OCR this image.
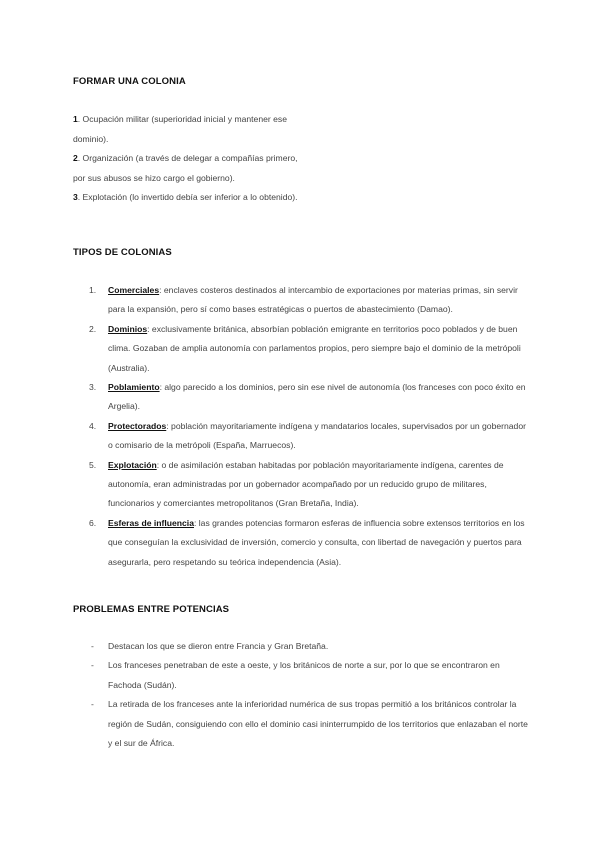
FORMAR UNA COLONIA

1. Ocupación militar (superioridad inicial y mantener ese dominio).

2. Organización (a través de delegar a compañías primero, por sus abusos se hizo cargo el gobierno).

3. Explotación (lo invertido debía ser inferior a lo obtenido).

TIPOS DE COLONIAS
1. Comerciales: enclaves costeros destinados al intercambio de exportaciones por materias primas, sin servir para la expansión, pero sí como bases estratégicas o puertos de abastecimiento (Damao).
2. Dominios: exclusivamente británica, absorbían población emigrante en territorios poco poblados y de buen clima. Gozaban de amplia autonomía con parlamentos propios, pero siempre bajo el dominio de la metrópoli (Australia).
3. Poblamiento: algo parecido a los dominios, pero sin ese nivel de autonomía (los franceses con poco éxito en Argelia).
4. Protectorados: población mayoritariamente indígena y mandatarios locales, supervisados por un gobernador o comisario de la metrópoli (España, Marruecos).
5. Explotación: o de asimilación estaban habitadas por población mayoritariamente indígena, carentes de autonomía, eran administradas por un gobernador acompañado por un reducido grupo de militares, funcionarios y comerciantes metropolitanos (Gran Bretaña, India).
6. Esferas de influencia: las grandes potencias formaron esferas de influencia sobre extensos territorios en los que conseguían la exclusividad de inversión, comercio y consulta, con libertad de navegación y puertos para asegurarla, pero respetando su teórica independencia (Asia).
PROBLEMAS ENTRE POTENCIAS
- Destacan los que se dieron entre Francia y Gran Bretaña.
- Los franceses penetraban de este a oeste, y los británicos de norte a sur, por lo que se encontraron en Fachoda (Sudán).
- La retirada de los franceses ante la inferioridad numérica de sus tropas permitió a los británicos controlar la región de Sudán, consiguiendo con ello el dominio casi ininterrumpido de los territorios que enlazaban el norte y el sur de África.
